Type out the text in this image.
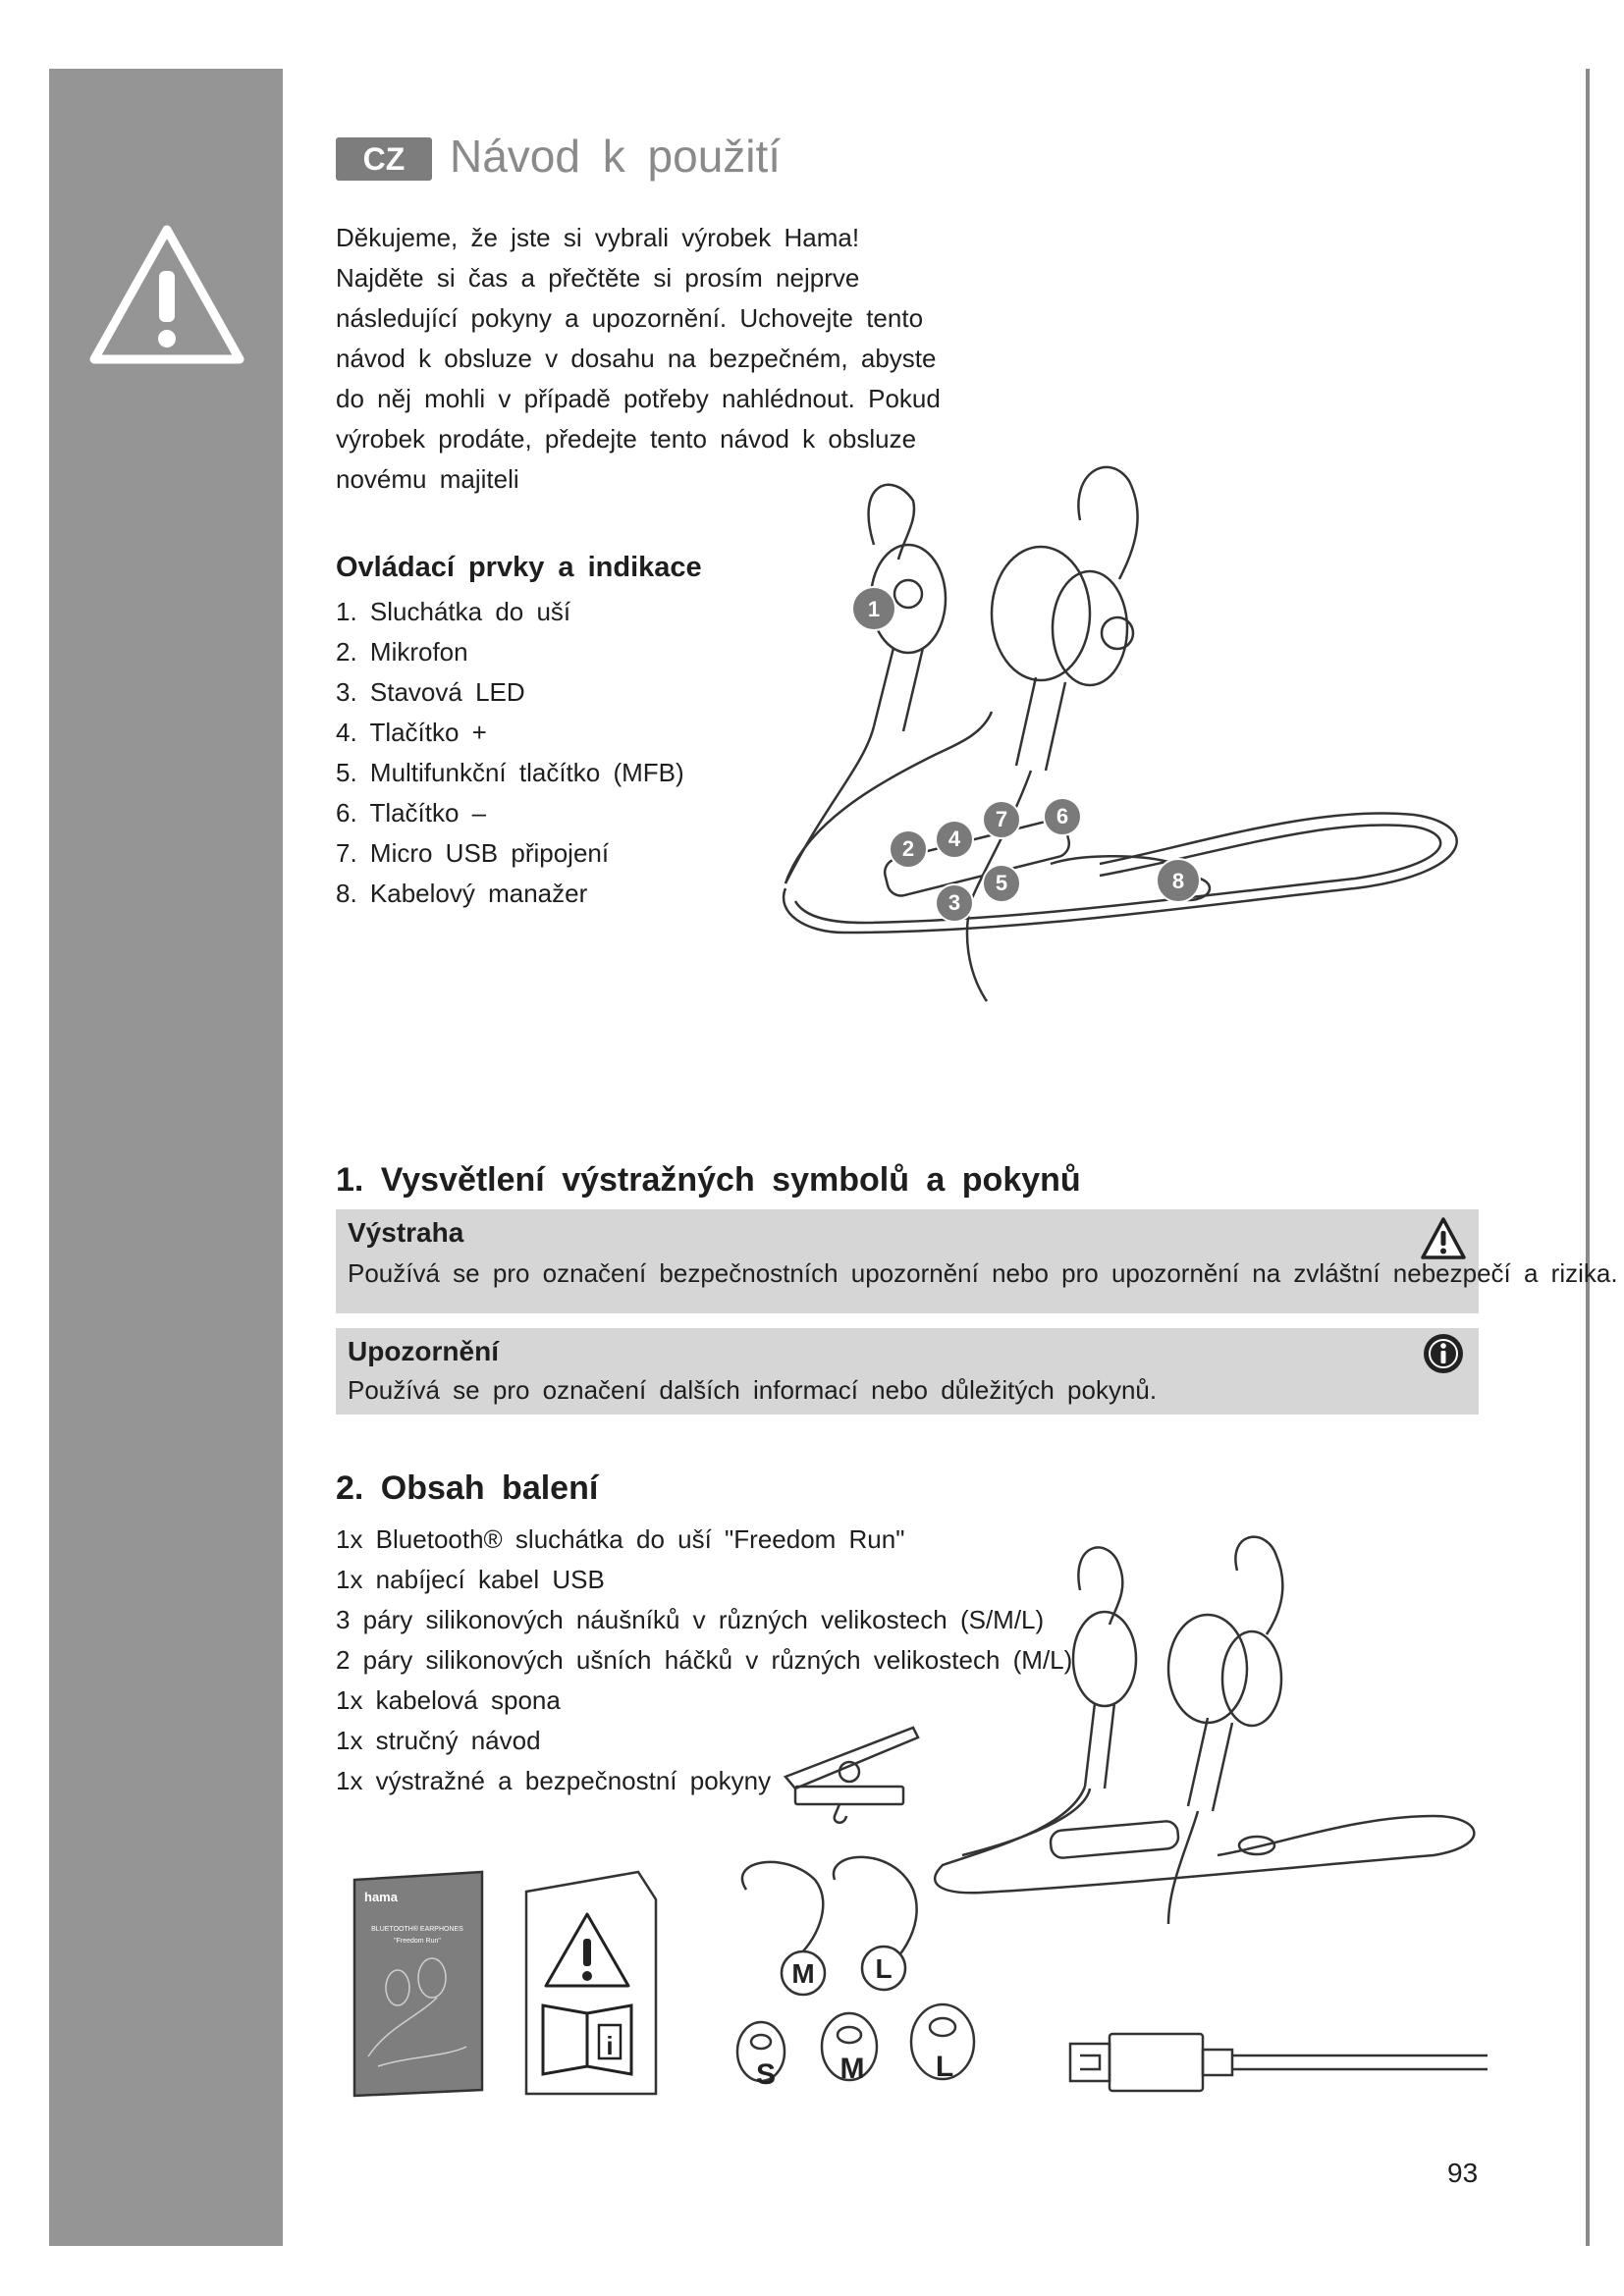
CZ Návod k použití

Děkujeme, že jste si vybrali výrobek Hama!

Najděte si čas a přečtěte si prosím nejprve

následující pokyny a upozornění. Uchovejte tento

návod k obsluze v dosahu na bezpečném, abyste

do něj mohli v případě potřeby nahlédnout. Pokud

výrobek prodáte, předejte tento návod k obsluze

novému majiteli

Ovládací prvky a indikace
1. Sluchátka do uší
2. Mikrofon
3. Stavová LED
4. Tlačítko +
5. Multifunkční tlačítko (MFB)
6. Tlačítko –
7. Micro USB připojení
8. Kabelový manažer
1
2
3
4
5
7 6
8
1. Vysvětlení výstražných symbolů a pokynů
Výstraha
Používá se pro označení bezpečnostních upozornění nebo pro upozornění na zvláštní nebezpečí a rizika.
Upozornění
Používá se pro označení dalších informací nebo důležitých pokynů.
2. Obsah balení
1x Bluetooth® sluchátka do uší "Freedom Run"
1x nabíjecí kabel USB
3 páry silikonových náušníků v různých velikostech (S/M/L)
2 páry silikonových ušních háčků v různých velikostech (M/L)
1x kabelová spona
1x stručný návod
1x výstražné a bezpečnostní pokyny
hama
BLUETOOTH® EARPHONES
"Freedom Run"
i
M L
S M L
93
